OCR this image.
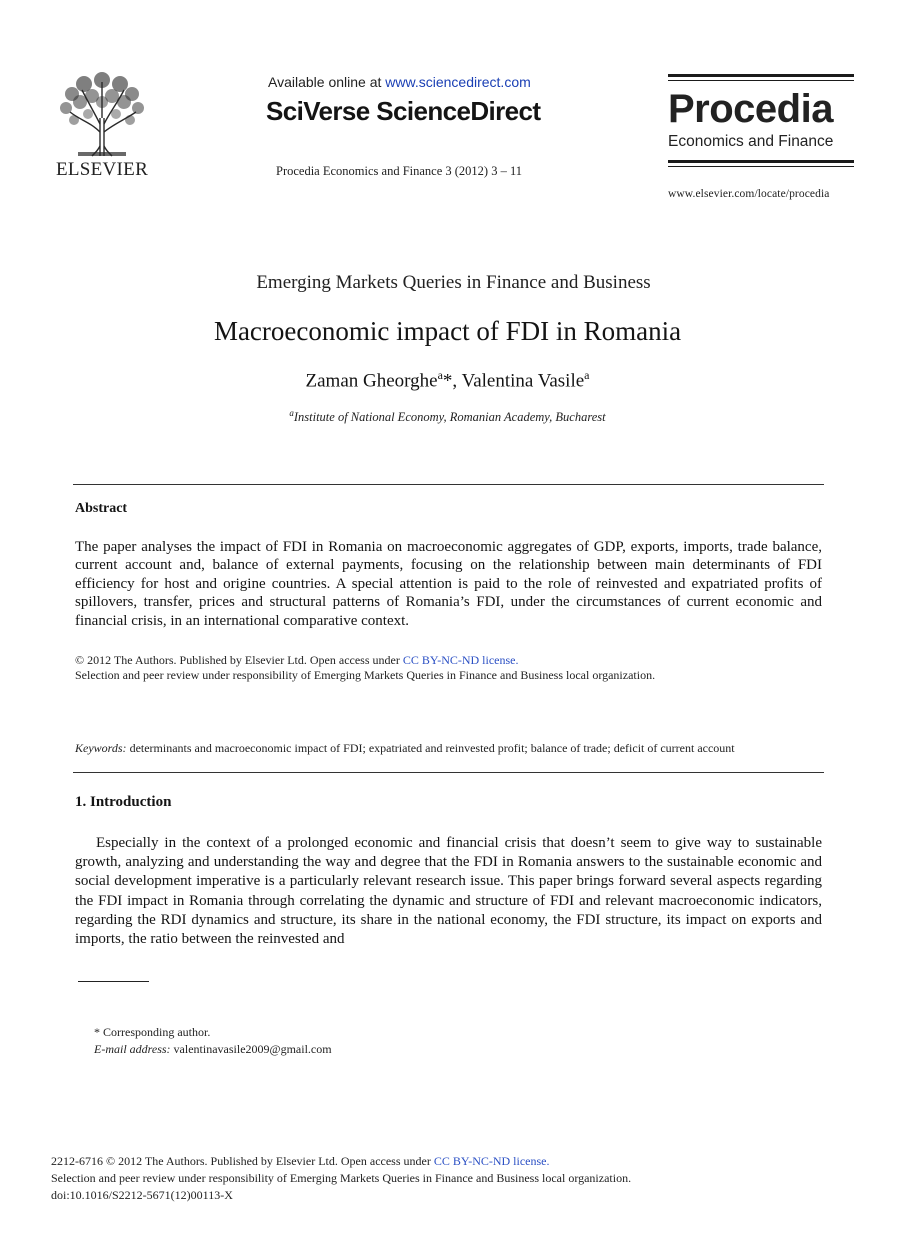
ELSEVIER
Available online at www.sciencedirect.com
SciVerse ScienceDirect
Procedia Economics and Finance 3 (2012) 3 – 11
Procedia
Economics and Finance
www.elsevier.com/locate/procedia
Emerging Markets Queries in Finance and Business
Macroeconomic impact of FDI in Romania
Zaman Gheorghe$^a$*, Valentina Vasile$^a$
$^a$Institute of National Economy, Romanian Academy, Bucharest
Abstract
The paper analyses the impact of FDI in Romania on macroeconomic aggregates of GDP, exports, imports, trade balance, current account and, balance of external payments, focusing on the relationship between main determinants of FDI efficiency for host and origine countries. A special attention is paid to the role of reinvested and expatriated profits of spillovers, transfer, prices and structural patterns of Romania’s FDI, under the circumstances of current economic and financial crisis, in an international comparative context.
© 2012 The Authors. Published by Elsevier Ltd. Open access under CC BY-NC-ND license.
Selection and peer review under responsibility of Emerging Markets Queries in Finance and Business local organization.
Keywords: determinants and macroeconomic impact of FDI; expatriated and reinvested profit; balance of trade; deficit of current account
1. Introduction
Especially in the context of a prolonged economic and financial crisis that doesn’t seem to give way to sustainable growth, analyzing and understanding the way and degree that the FDI in Romania answers to the sustainable economic and social development imperative is a particularly relevant research issue. This paper brings forward several aspects regarding the FDI impact in Romania through correlating the dynamic and structure of FDI and relevant macroeconomic indicators, regarding the RDI dynamics and structure, its share in the national economy, the FDI structure, its impact on exports and imports, the ratio between the reinvested and
* Corresponding author.
E-mail address: valentinavasile2009@gmail.com
2212-6716 © 2012 The Authors. Published by Elsevier Ltd. Open access under CC BY-NC-ND license.
Selection and peer review under responsibility of Emerging Markets Queries in Finance and Business local organization.
doi:10.1016/S2212-5671(12)00113-X
